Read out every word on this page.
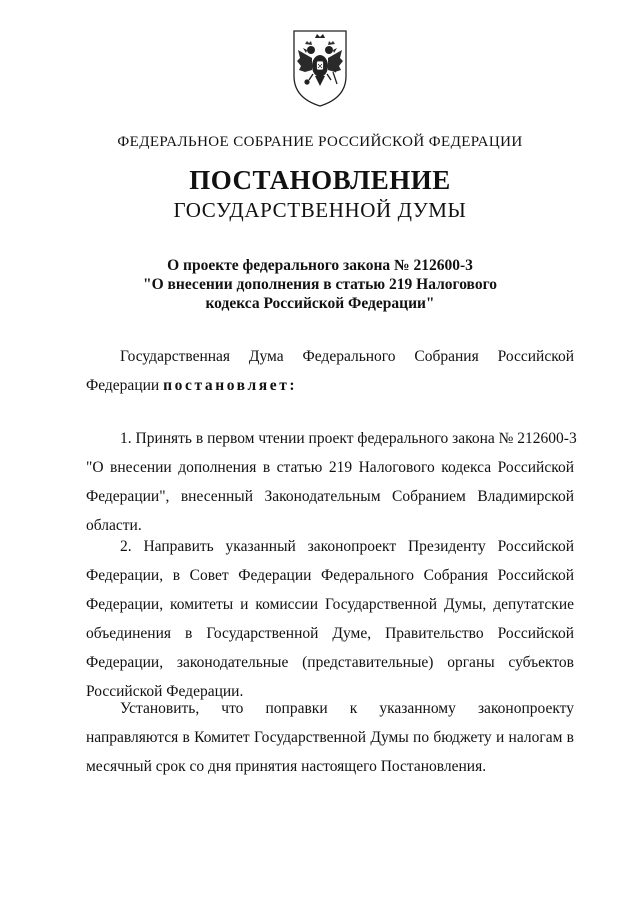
ФЕДЕРАЛЬНОЕ СОБРАНИЕ РОССИЙСКОЙ ФЕДЕРАЦИИ
ПОСТАНОВЛЕНИЕ
ГОСУДАРСТВЕННОЙ ДУМЫ
О проекте федерального закона № 212600-3
"О внесении дополнения в статью 219 Налогового
кодекса Российской Федерации"
Государственная Дума Федерального Собрания Российской
Федерации постановляет:
1. Принять в первом чтении проект федерального закона № 212600-3
"О внесении дополнения в статью 219 Налогового кодекса Российской
Федерации", внесенный Законодательным Собранием Владимирской
области.
2. Направить указанный законопроект Президенту Российской
Федерации, в Совет Федерации Федерального Собрания Российской
Федерации, комитеты и комиссии Государственной Думы, депутатские
объединения в Государственной Думе, Правительство Российской
Федерации, законодательные (представительные) органы субъектов
Российской Федерации.
Установить, что поправки к указанному законопроекту
направляются в Комитет Государственной Думы по бюджету и налогам в
месячный срок со дня принятия настоящего Постановления.
